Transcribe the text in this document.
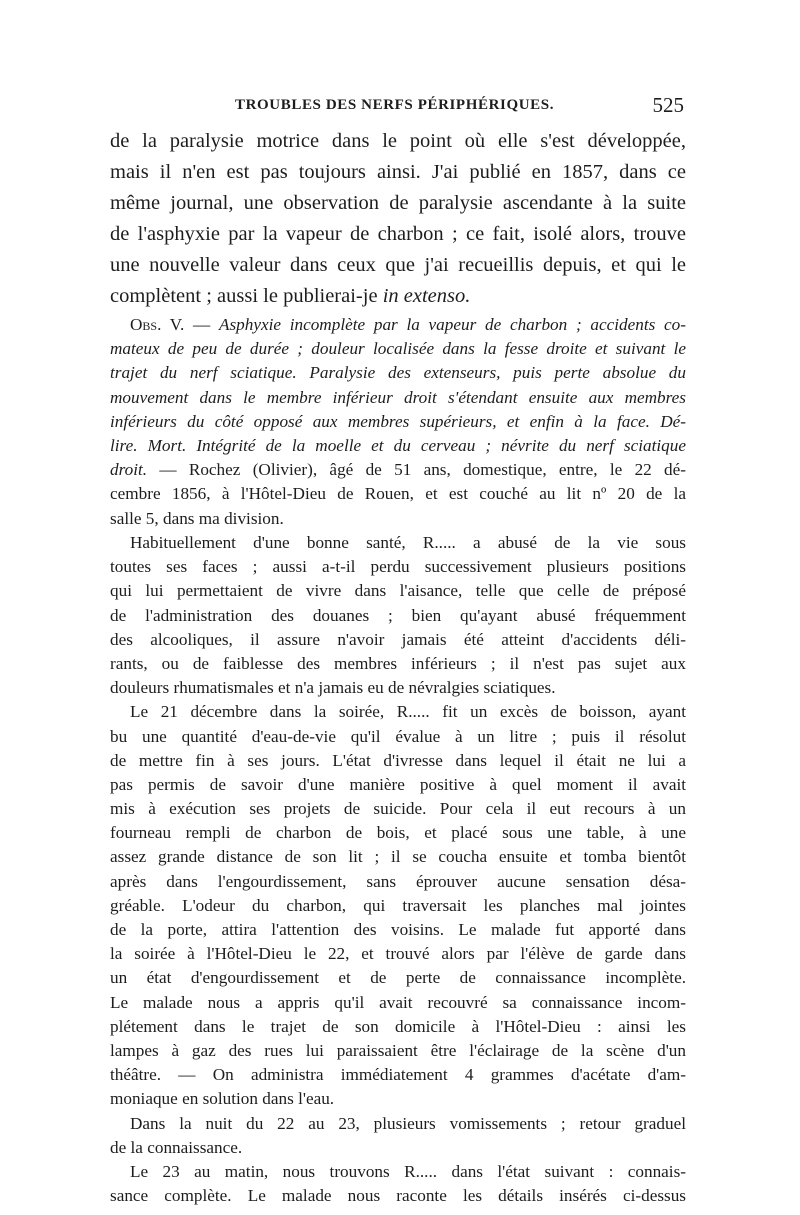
TROUBLES DES NERFS PÉRIPHÉRIQUES.	525
de la paralysie motrice dans le point où elle s'est développée,
mais il n'en est pas toujours ainsi. J'ai publié en 1857, dans ce
même journal, une observation de paralysie ascendante à la suite
de l'asphyxie par la vapeur de charbon ; ce fait, isolé alors, trouve
une nouvelle valeur dans ceux que j'ai recueillis depuis, et qui le
complètent ; aussi le publierai-je in extenso.
Obs. V. — Asphyxie incomplète par la vapeur de charbon ; accidents co-
mateux de peu de durée ; douleur localisée dans la fesse droite et suivant le
trajet du nerf sciatique. Paralysie des extenseurs, puis perte absolue du
mouvement dans le membre inférieur droit s'étendant ensuite aux membres
inférieurs du côté opposé aux membres supérieurs, et enfin à la face. Dé-
lire. Mort. Intégrité de la moelle et du cerveau ; névrite du nerf sciatique
droit. — Rochez (Olivier), âgé de 51 ans, domestique, entre, le 22 dé-
cembre 1856, à l'Hôtel-Dieu de Rouen, et est couché au lit nº 20 de la
salle 5, dans ma division.
Habituellement d'une bonne santé, R..... a abusé de la vie sous
toutes ses faces ; aussi a-t-il perdu successivement plusieurs positions
qui lui permettaient de vivre dans l'aisance, telle que celle de préposé
de l'administration des douanes ; bien qu'ayant abusé fréquemment
des alcooliques, il assure n'avoir jamais été atteint d'accidents déli-
rants, ou de faiblesse des membres inférieurs ; il n'est pas sujet aux
douleurs rhumatismales et n'a jamais eu de névralgies sciatiques.
Le 21 décembre dans la soirée, R..... fit un excès de boisson, ayant
bu une quantité d'eau-de-vie qu'il évalue à un litre ; puis il résolut
de mettre fin à ses jours. L'état d'ivresse dans lequel il était ne lui a
pas permis de savoir d'une manière positive à quel moment il avait
mis à exécution ses projets de suicide. Pour cela il eut recours à un
fourneau rempli de charbon de bois, et placé sous une table, à une
assez grande distance de son lit ; il se coucha ensuite et tomba bientôt
après dans l'engourdissement, sans éprouver aucune sensation désa-
gréable. L'odeur du charbon, qui traversait les planches mal jointes
de la porte, attira l'attention des voisins. Le malade fut apporté dans
la soirée à l'Hôtel-Dieu le 22, et trouvé alors par l'élève de garde dans
un état d'engourdissement et de perte de connaissance incomplète.
Le malade nous a appris qu'il avait recouvré sa connaissance incom-
plétement dans le trajet de son domicile à l'Hôtel-Dieu : ainsi les
lampes à gaz des rues lui paraissaient être l'éclairage de la scène d'un
théâtre. — On administra immédiatement 4 grammes d'acétate d'am-
moniaque en solution dans l'eau.
Dans la nuit du 22 au 23, plusieurs vomissements ; retour graduel
de la connaissance.
Le 23 au matin, nous trouvons R..... dans l'état suivant : connais-
sance complète. Le malade nous raconte les détails insérés ci-dessus
